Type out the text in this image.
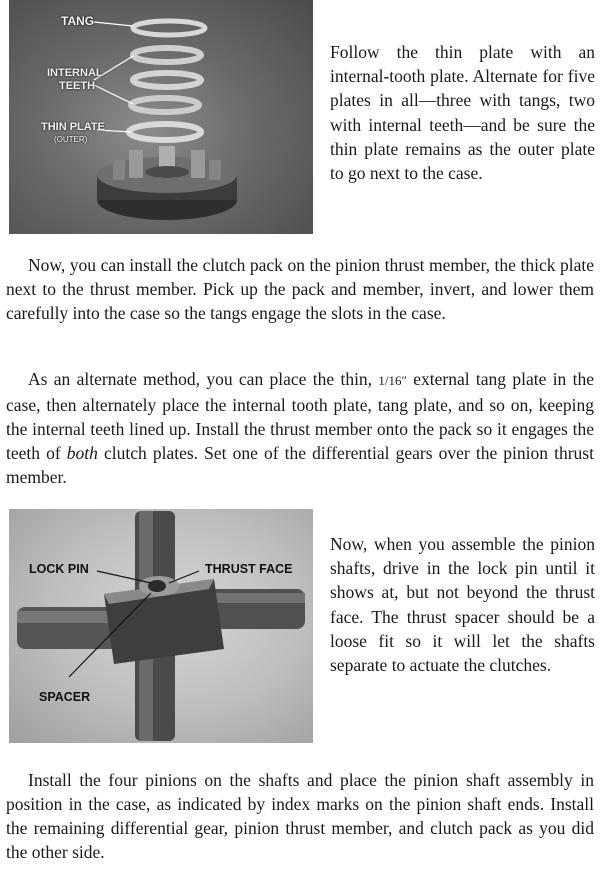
TANG
INTERNAL
TEETH
THIN PLATE
(OUTER)
Follow the thin plate with an internal-tooth plate. Alternate for five plates in all—three with tangs, two with internal teeth—and be sure the thin plate remains as the outer plate to go next to the case.
Now, you can install the clutch pack on the pinion thrust member, the thick plate next to the thrust member. Pick up the pack and member, invert, and lower them carefully into the case so the tangs engage the slots in the case.
As an alternate method, you can place the thin, 1/16″ external tang plate in the case, then alternately place the internal tooth plate, tang plate, and so on, keeping the internal teeth lined up. Install the thrust member onto the pack so it engages the teeth of both clutch plates. Set one of the differential gears over the pinion thrust member.
LOCK PIN	THRUST FACE
SPACER
Now, when you assemble the pinion shafts, drive in the lock pin until it shows at, but not beyond the thrust face. The thrust spacer should be a loose fit so it will let the shafts separate to actuate the clutches.
Install the four pinions on the shafts and place the pinion shaft assembly in position in the case, as indicated by index marks on the pinion shaft ends. Install the remaining differential gear, pinion thrust member, and clutch pack as you did the other side.
